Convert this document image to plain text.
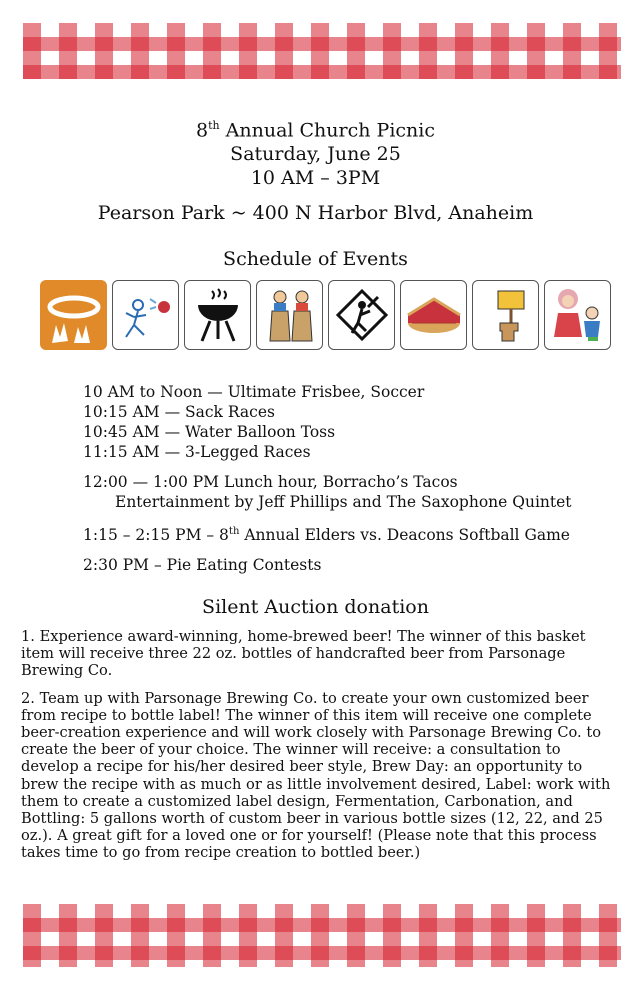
8th Annual Church Picnic
Saturday, June 25
10 AM – 3PM
Pearson Park ~ 400 N Harbor Blvd, Anaheim
Schedule of Events
10 AM to Noon — Ultimate Frisbee, Soccer
10:15 AM — Sack Races
10:45 AM — Water Balloon Toss
11:15 AM — 3-Legged Races
12:00 — 1:00 PM Lunch hour, Borracho’s Tacos
Entertainment by Jeff Phillips and The Saxophone Quintet
1:15 – 2:15 PM – 8th Annual Elders vs. Deacons Softball Game
2:30 PM – Pie Eating Contests
Silent Auction donation

1. Experience award-winning, home-brewed beer! The winner of this basket item will receive three 22 oz. bottles of handcrafted beer from Parsonage Brewing Co.

2. Team up with Parsonage Brewing Co. to create your own customized beer from recipe to bottle label! The winner of this item will receive one complete beer-creation experience and will work closely with Parsonage Brewing Co. to create the beer of your choice. The winner will receive: a consultation to develop a recipe for his/her desired beer style, Brew Day: an opportunity to brew the recipe with as much or as little involvement desired, Label: work with them to create a customized label design, Fermentation, Carbonation, and Bottling: 5 gallons worth of custom beer in various bottle sizes (12, 22, and 25 oz.). A great gift for a loved one or for yourself! (Please note that this process takes time to go from recipe creation to bottled beer.)
